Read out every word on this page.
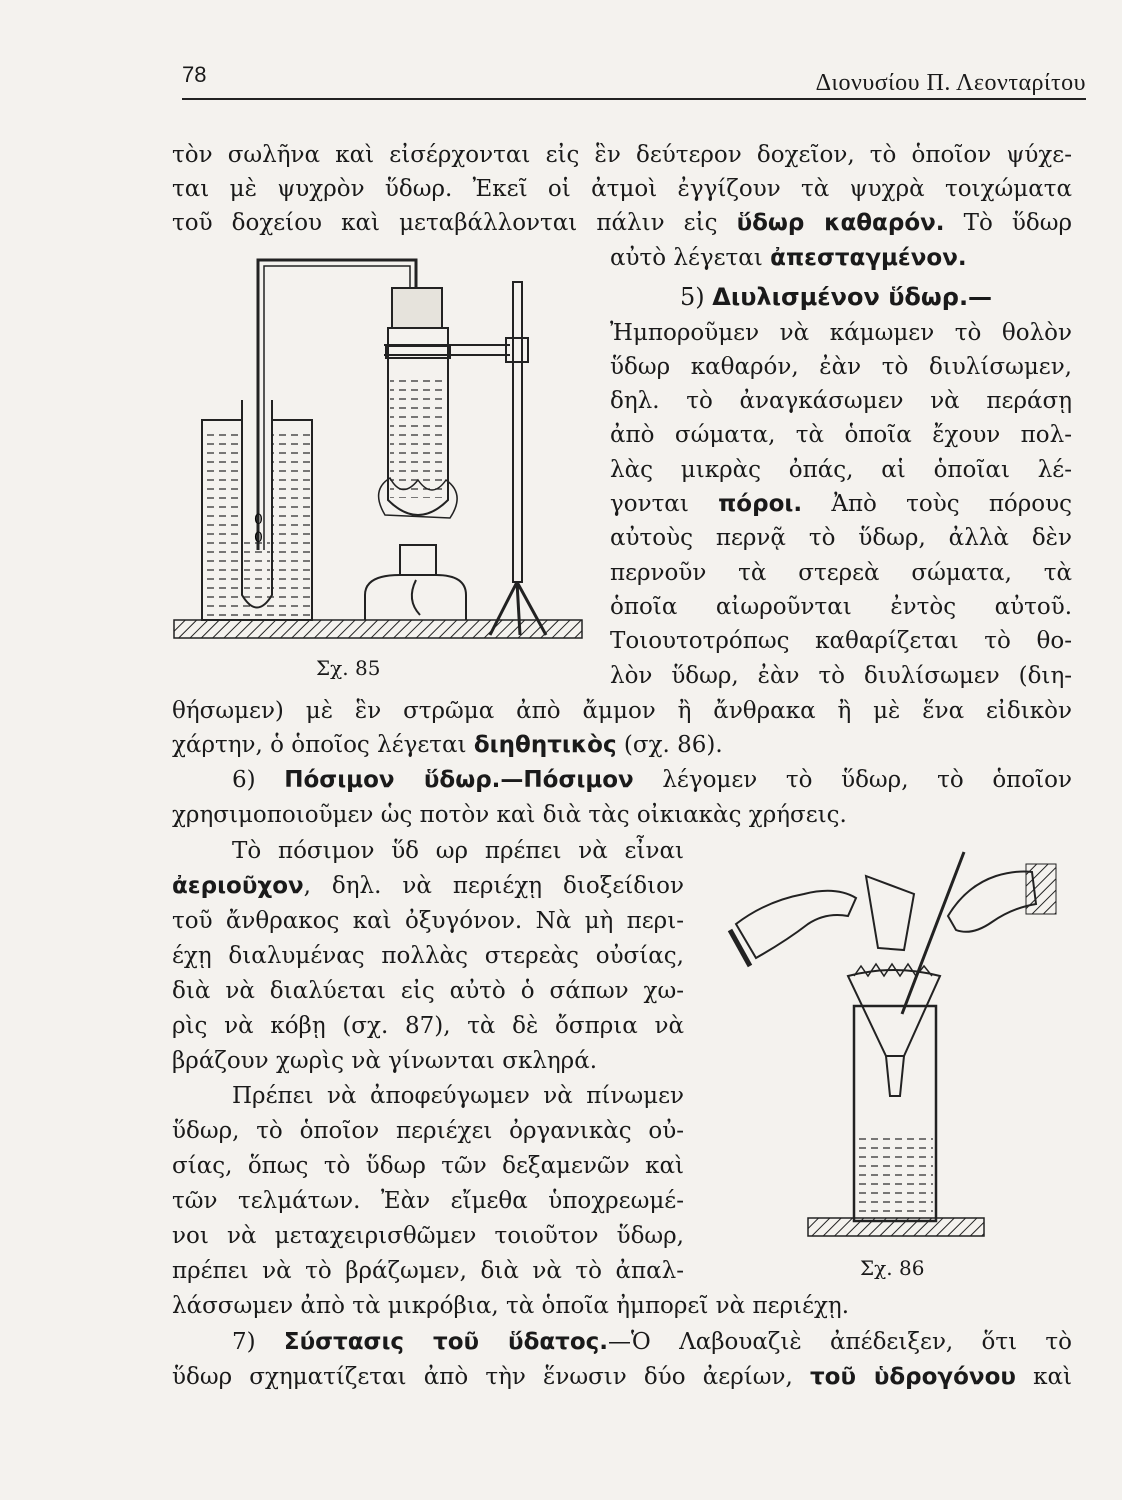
78	Διονυσίου Π. Λεονταρίτου
τὸν σωλῆνα καὶ εἰσέρχονται εἰς ἓν δεύτερον δοχεῖον, τὸ ὁποῖον ψύχε-
ται μὲ ψυχρὸν ὕδωρ. Ἐκεῖ οἱ ἀτμοὶ ἐγγίζουν τὰ ψυχρὰ τοιχώματα
τοῦ δοχείου καὶ μεταβάλλονται πάλιν εἰς ὕδωρ καθαρόν. Τὸ ὕδωρ
αὐτὸ λέγεται ἀπεσταγμένον.
5) Διυλισμένον ὕδωρ.—
Ἠμποροῦμεν νὰ κάμωμεν τὸ θολὸν
ὕδωρ καθαρόν, ἐὰν τὸ διυλίσωμεν,
δηλ. τὸ ἀναγκάσωμεν νὰ περάσῃ
ἀπὸ σώματα, τὰ ὁποῖα ἔχουν πολ-
λὰς μικρὰς ὀπάς, αἱ ὁποῖαι λέ-
γονται πόροι. Ἀπὸ τοὺς πόρους
αὐτοὺς περνᾷ τὸ ὕδωρ, ἀλλὰ δὲν
περνοῦν τὰ στερεὰ σώματα, τὰ
ὁποῖα αἰωροῦνται ἐντὸς αὐτοῦ.
Τοιουτοτρόπως καθαρίζεται τὸ θο-
λὸν ὕδωρ, ἐὰν τὸ διυλίσωμεν (διη-
θήσωμεν) μὲ ἓν στρῶμα ἀπὸ ἄμμον ἢ ἄνθρακα ἢ μὲ ἕνα εἰδικὸν
χάρτην, ὁ ὁποῖος λέγεται διηθητικὸς (σχ. 86).
6) Πόσιμον ὕδωρ.—Πόσιμον λέγομεν τὸ ὕδωρ, τὸ ὁποῖον
χρησιμοποιοῦμεν ὡς ποτὸν καὶ διὰ τὰς οἰκιακὰς χρήσεις.
Τὸ πόσιμον ὕδ ωρ πρέπει νὰ εἶναι
ἀεριοῦχον, δηλ. νὰ περιέχῃ διοξείδιον
τοῦ ἄνθρακος καὶ ὀξυγόνον. Νὰ μὴ περι-
έχῃ διαλυμένας πολλὰς στερεὰς οὐσίας,
διὰ νὰ διαλύεται εἰς αὐτὸ ὁ σάπων χω-
ρὶς νὰ κόβῃ (σχ. 87), τὰ δὲ ὄσπρια νὰ
βράζουν χωρὶς νὰ γίνωνται σκληρά.
Πρέπει νὰ ἀποφεύγωμεν νὰ πίνωμεν
ὕδωρ, τὸ ὁποῖον περιέχει ὀργανικὰς οὐ-
σίας, ὅπως τὸ ὕδωρ τῶν δεξαμενῶν καὶ
τῶν τελμάτων. Ἐὰν εἴμεθα ὑποχρεωμέ-
νοι νὰ μεταχειρισθῶμεν τοιοῦτον ὕδωρ,
πρέπει νὰ τὸ βράζωμεν, διὰ νὰ τὸ ἀπαλ-
λάσσωμεν ἀπὸ τὰ μικρόβια, τὰ ὁποῖα ἠμπορεῖ νὰ περιέχῃ.
7) Σύστασις τοῦ ὕδατος.—Ὁ Λαβουαζιὲ ἀπέδειξεν, ὅτι τὸ
ὕδωρ σχηματίζεται ἀπὸ τὴν ἕνωσιν δύο ἀερίων, τοῦ ὑδρογόνου καὶ
0
0
Σχ. 85
Σχ. 86
